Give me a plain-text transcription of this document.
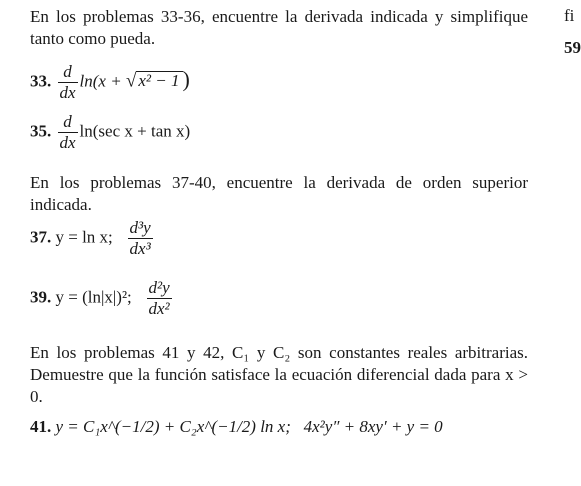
En los problemas 33-36, encuentre la derivada indicada y simplifique tanto como pueda.
33. $\frac{d}{dx} \ln(x$ + √ x² − 1 )
35. $\frac{d}{dx} \ln(\sec$ x + tan x)
En los problemas 37-40, encuentre la derivada de orden superior indicada.
37. y = ln x; $\frac{\text{d³y}}{\text{dx³}}$
39. y = (ln|x|)²; $\frac{\text{d²y}}{\text{dx²}}$
En los problemas 41 y 42, C₁ y C₂ son constantes reales arbitrarias. Demuestre que la función satisface la ecuación diferencial dada para x > 0.
41. y = C₁x^(−1/2) + C₂x^(−1/2) ln x; 4x²y″ + 8xy′ + y = 0
fi
59
